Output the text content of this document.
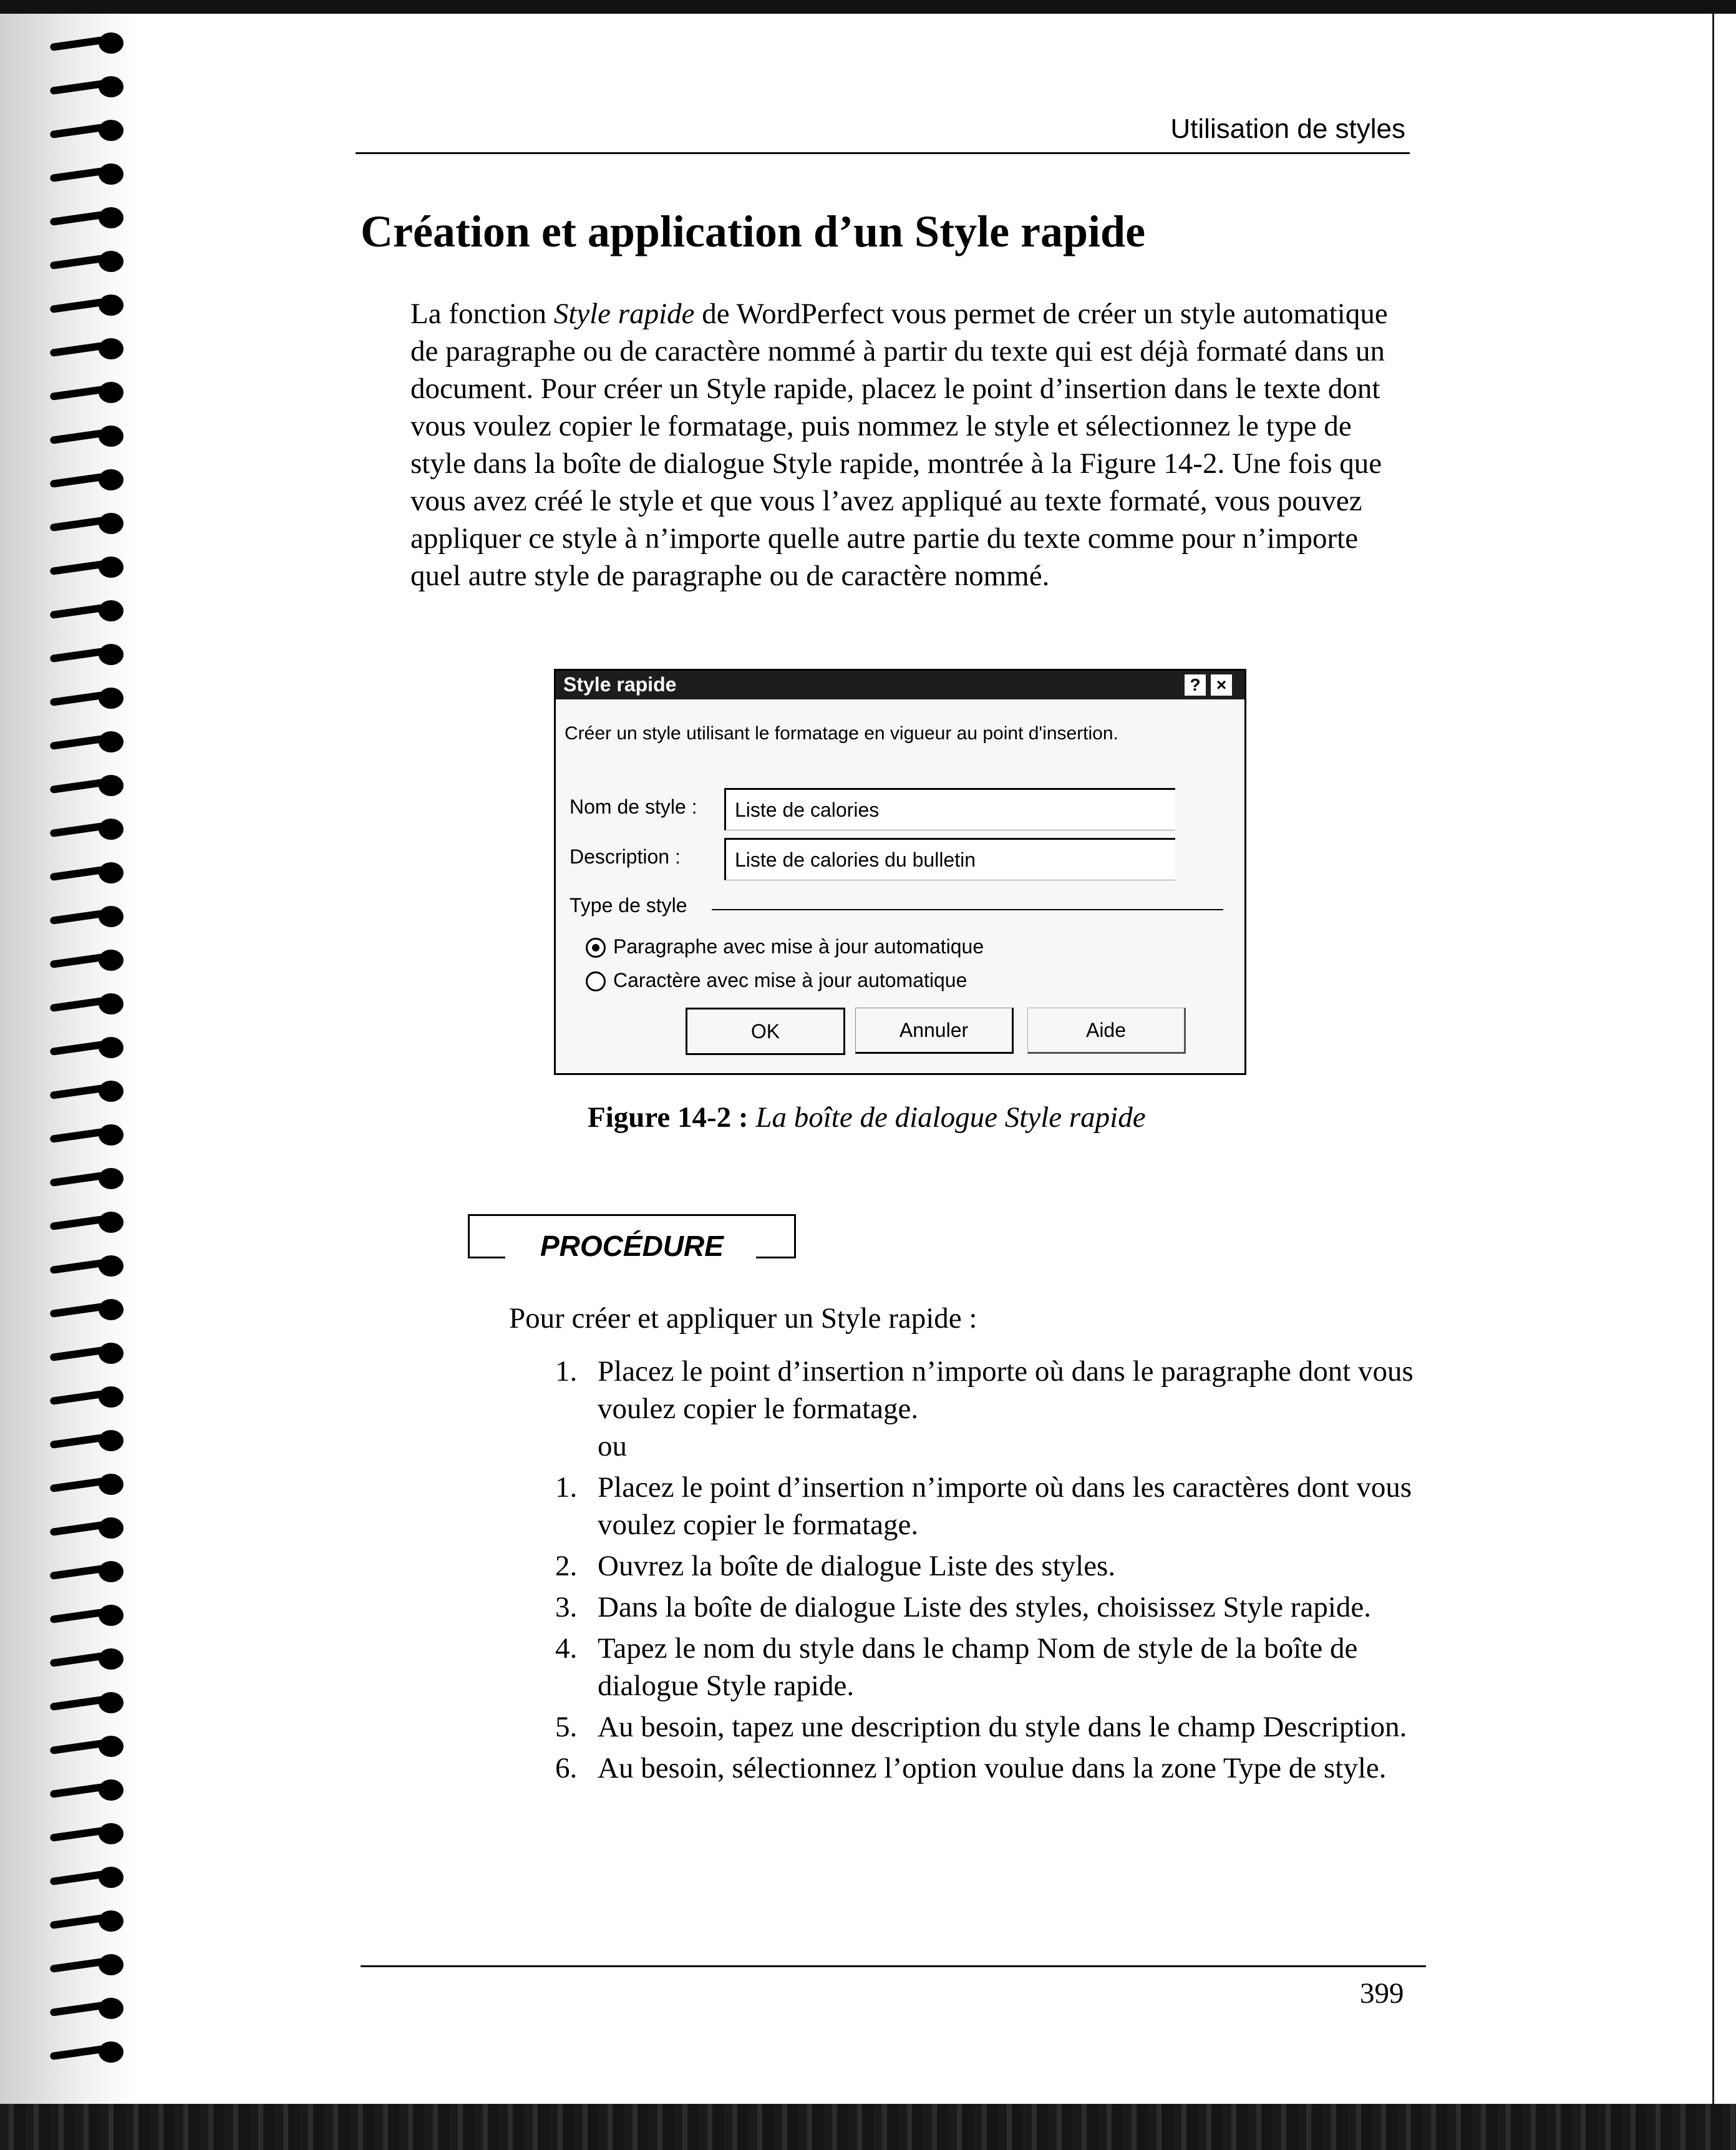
Utilisation de styles
Création et application d’un Style rapide

La fonction Style rapide de WordPerfect vous permet de créer un style automatique de paragraphe ou de caractère nommé à partir du texte qui est déjà formaté dans un document. Pour créer un Style rapide, placez le point d’insertion dans le texte dont vous voulez copier le formatage, puis nommez le style et sélectionnez le type de style dans la boîte de dialogue Style rapide, montrée à la Figure 14-2. Une fois que vous avez créé le style et que vous l’avez appliqué au texte formaté, vous pouvez appliquer ce style à n’importe quelle autre partie du texte comme pour n’importe quel autre style de paragraphe ou de caractère nommé.

Style rapide	? ×
Créer un style utilisant le formatage en vigueur au point d'insertion.
Nom de style : Liste de calories
Description :	Liste de calories du bulletin
Type de style
Paragraphe avec mise à jour automatique
Caractère avec mise à jour automatique
OK	Annuler	Aide
Figure 14-2 : La boîte de dialogue Style rapide
PROCÉDURE
Pour créer et appliquer un Style rapide :
1. Placez le point d’insertion n’importe où dans le paragraphe dont vous voulez copier le formatage.
ou
1. Placez le point d’insertion n’importe où dans les caractères dont vous voulez copier le formatage.
2. Ouvrez la boîte de dialogue Liste des styles.
3. Dans la boîte de dialogue Liste des styles, choisissez Style rapide.
4. Tapez le nom du style dans le champ Nom de style de la boîte de dialogue Style rapide.
5. Au besoin, tapez une description du style dans le champ Description.
6. Au besoin, sélectionnez l’option voulue dans la zone Type de style.
399
